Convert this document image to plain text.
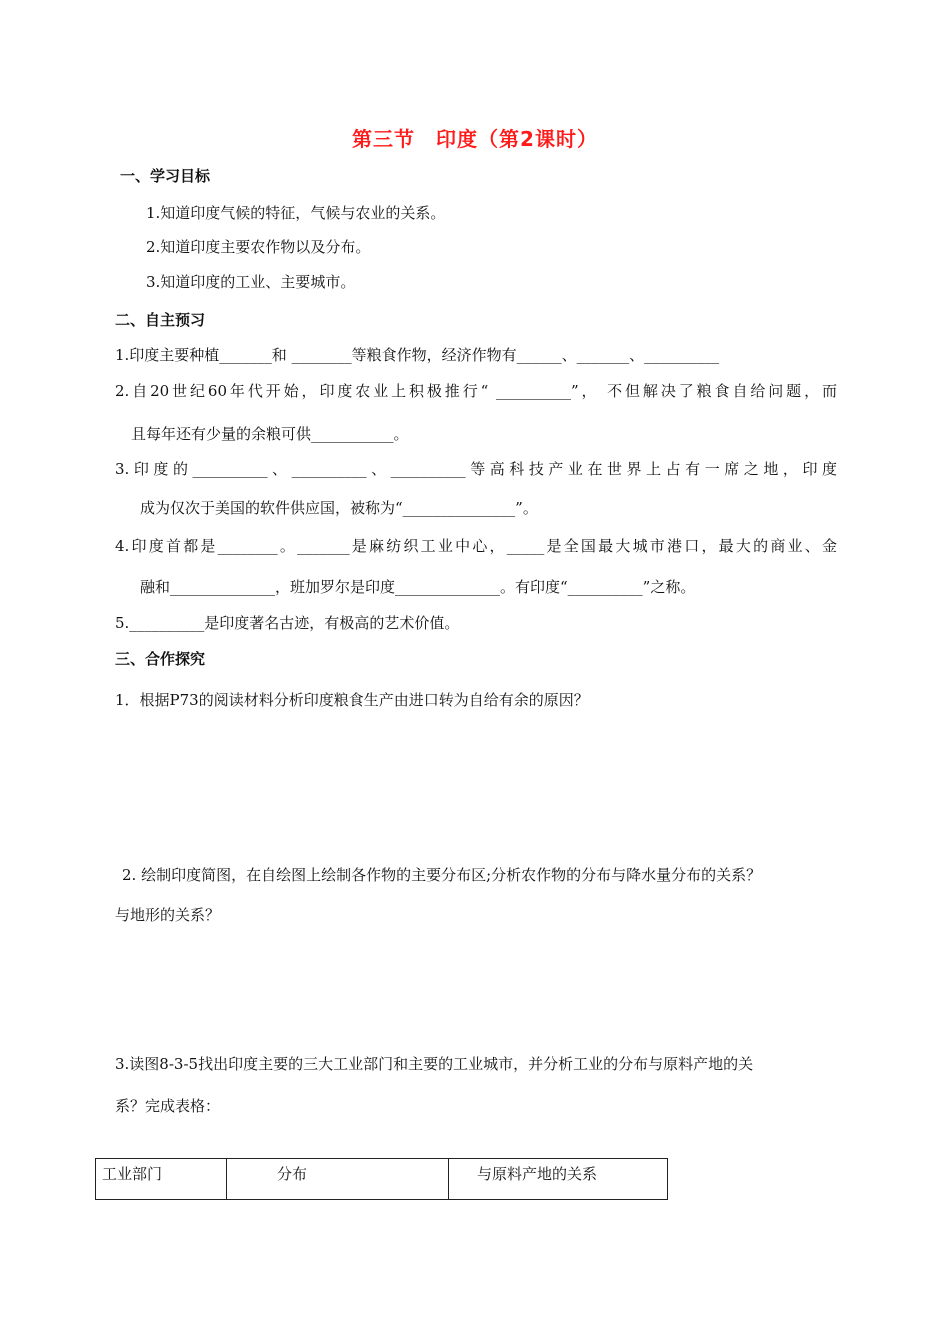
第三节　印度（第2课时）
一、学习目标
1.知道印度气候的特征，气候与农业的关系。
2.知道印度主要农作物以及分布。
3.知道印度的工业、主要城市。
二、自主预习
1.印度主要种植_______和 ________等粮食作物，经济作物有______、_______、__________
2.自20世纪60年代开始，印度农业上积极推行“ __________”， 不但解决了粮食自给问题，而
且每年还有少量的余粮可供___________。
3.印度的__________、__________、__________等高科技产业在世界上占有一席之地，印度
成为仅次于美国的软件供应国，被称为“_______________”。
4.印度首都是________。_______是麻纺织工业中心，_____是全国最大城市港口，最大的商业、金
融和______________，班加罗尔是印度______________。有印度“__________”之称。
5.__________是印度著名古迹，有极高的艺术价值。
三、合作探究
1．根据P73的阅读材料分析印度粮食生产由进口转为自给有余的原因？
2. 绘制印度简图，在自绘图上绘制各作物的主要分布区;分析农作物的分布与降水量分布的关系？
与地形的关系？
3.读图8-3-5找出印度主要的三大工业部门和主要的工业城市，并分析工业的分布与原料产地的关
系？完成表格：
工业部门	分布	与原料产地的关系
